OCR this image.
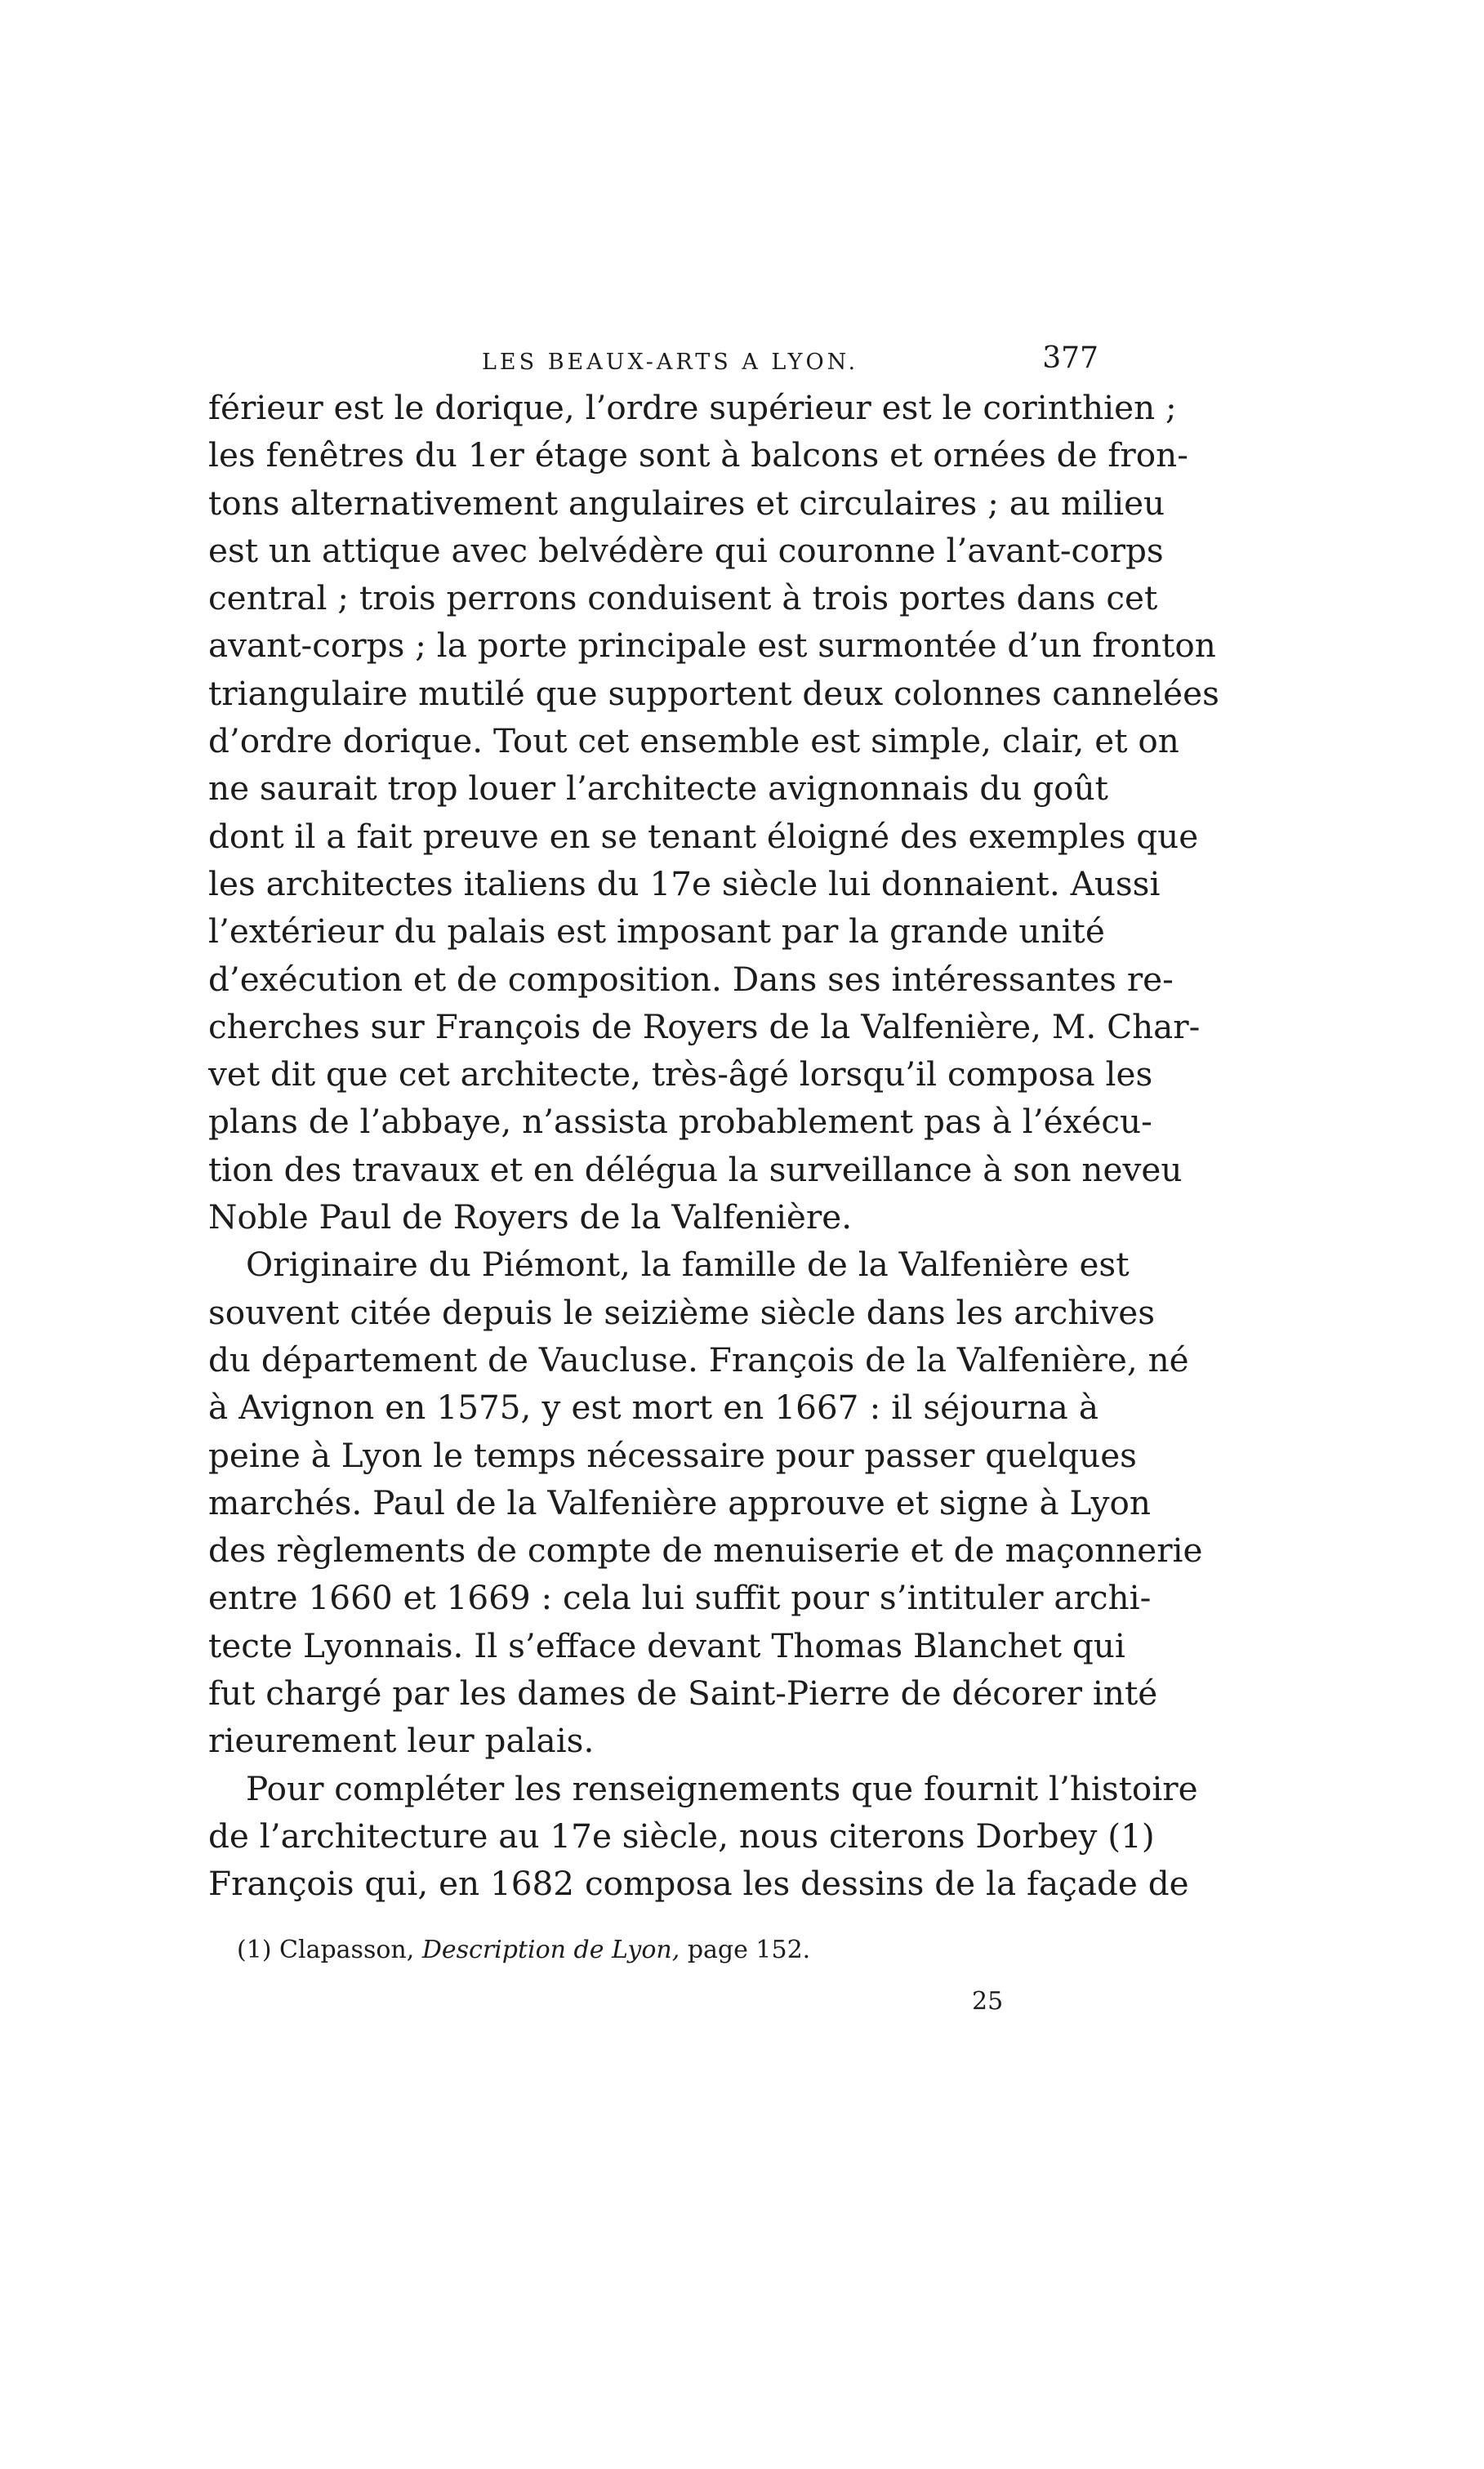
LES BEAUX-ARTS A LYON.	377
férieur est le dorique, l’ordre supérieur est le corinthien ;
les fenêtres du 1er étage sont à balcons et ornées de fron-
tons alternativement angulaires et circulaires ; au milieu
est un attique avec belvédère qui couronne l’avant-corps
central ; trois perrons conduisent à trois portes dans cet
avant-corps ; la porte principale est surmontée d’un fronton
triangulaire mutilé que supportent deux colonnes cannelées
d’ordre dorique. Tout cet ensemble est simple, clair, et on
ne saurait trop louer l’architecte avignonnais du goût
dont il a fait preuve en se tenant éloigné des exemples que
les architectes italiens du 17e siècle lui donnaient. Aussi
l’extérieur du palais est imposant par la grande unité
d’exécution et de composition. Dans ses intéressantes re-
cherches sur François de Royers de la Valfenière, M. Char-
vet dit que cet architecte, très-âgé lorsqu’il composa les
plans de l’abbaye, n’assista probablement pas à l’éxécu-
tion des travaux et en délégua la surveillance à son neveu
Noble Paul de Royers de la Valfenière.
Originaire du Piémont, la famille de la Valfenière est
souvent citée depuis le seizième siècle dans les archives
du département de Vaucluse. François de la Valfenière, né
à Avignon en 1575, y est mort en 1667 : il séjourna à
peine à Lyon le temps nécessaire pour passer quelques
marchés. Paul de la Valfenière approuve et signe à Lyon
des règlements de compte de menuiserie et de maçonnerie
entre 1660 et 1669 : cela lui suffit pour s’intituler archi-
tecte Lyonnais. Il s’efface devant Thomas Blanchet qui
fut chargé par les dames de Saint-Pierre de décorer inté
rieurement leur palais.
Pour compléter les renseignements que fournit l’histoire
de l’architecture au 17e siècle, nous citerons Dorbey (1)
François qui, en 1682 composa les dessins de la façade de
(1) Clapasson, Description de Lyon, page 152.
25
